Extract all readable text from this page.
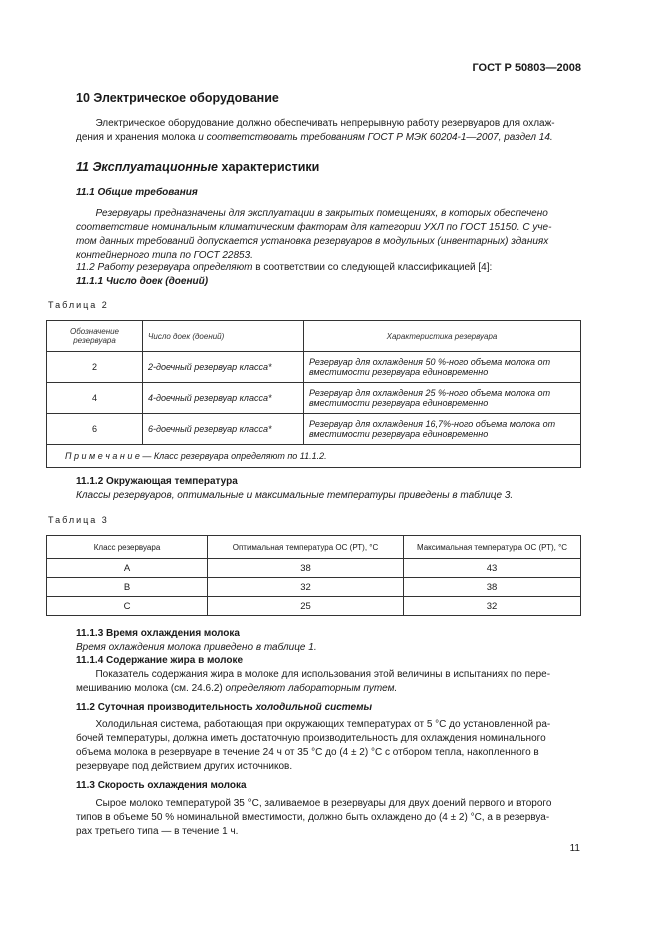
ГОСТ Р 50803—2008
10 Электрическое оборудование
Электрическое оборудование должно обеспечивать непрерывную работу резервуаров для охлаж-
дения и хранения молока и соответствовать требованиям ГОСТ Р МЭК 60204-1—2007, раздел 14.
11 Эксплуатационные характеристики
11.1 Общие требования
Резервуары предназначены для эксплуатации в закрытых помещениях, в которых обеспечено
соответствие номинальным климатическим факторам для категории УХЛ по ГОСТ 15150. С уче-
том данных требований допускается установка резервуаров в модульных (инвентарных) зданиях
контейнерного типа по ГОСТ 22853.
11.2 Работу резервуара определяют в соответствии со следующей классификацией [4]:
11.1.1 Число доек (доений)
Таблица 2
Обозначение резервуара	Число доек (доений)	Характеристика резервуара
2	2-доечный резервуар класса*	Резервуар для охлаждения 50 %-ного объема молока от вместимости резервуара единовременно
4	4-доечный резервуар класса*	Резервуар для охлаждения 25 %-ного объема молока от вместимости резервуара единовременно
6	6-доечный резервуар класса*	Резервуар для охлаждения 16,7%-ного объема молока от вместимости резервуара единовременно
П р и м е ч а н и е — Класс резервуара определяют по 11.1.2.		
11.1.2 Окружающая температура
Классы резервуаров, оптимальные и максимальные температуры приведены в таблице 3.
Таблица 3
Класс резервуара	Оптимальная температура ОС (РТ), °С	Максимальная температура ОС (РТ), °С
А	38	43
В	32	38
С	25	32
11.1.3 Время охлаждения молока
Время охлаждения молока приведено в таблице 1.
11.1.4 Содержание жира в молоке
Показатель содержания жира в молоке для использования этой величины в испытаниях по пере-
мешиванию молока (см. 24.6.2) определяют лабораторным путем.
11.2 Суточная производительность холодильной системы
Холодильная система, работающая при окружающих температурах от 5 °С до установленной ра-
бочей температуры, должна иметь достаточную производительность для охлаждения номинального
объема молока в резервуаре в течение 24 ч от 35 °С до (4 ± 2) °С с отбором тепла, накопленного в
резервуаре под действием других источников.
11.3 Скорость охлаждения молока
Сырое молоко температурой 35 °С, заливаемое в резервуары для двух доений первого и второго
типов в объеме 50 % номинальной вместимости, должно быть охлаждено до (4 ± 2) °С, а в резервуа-
рах третьего типа — в течение 1 ч.
11
